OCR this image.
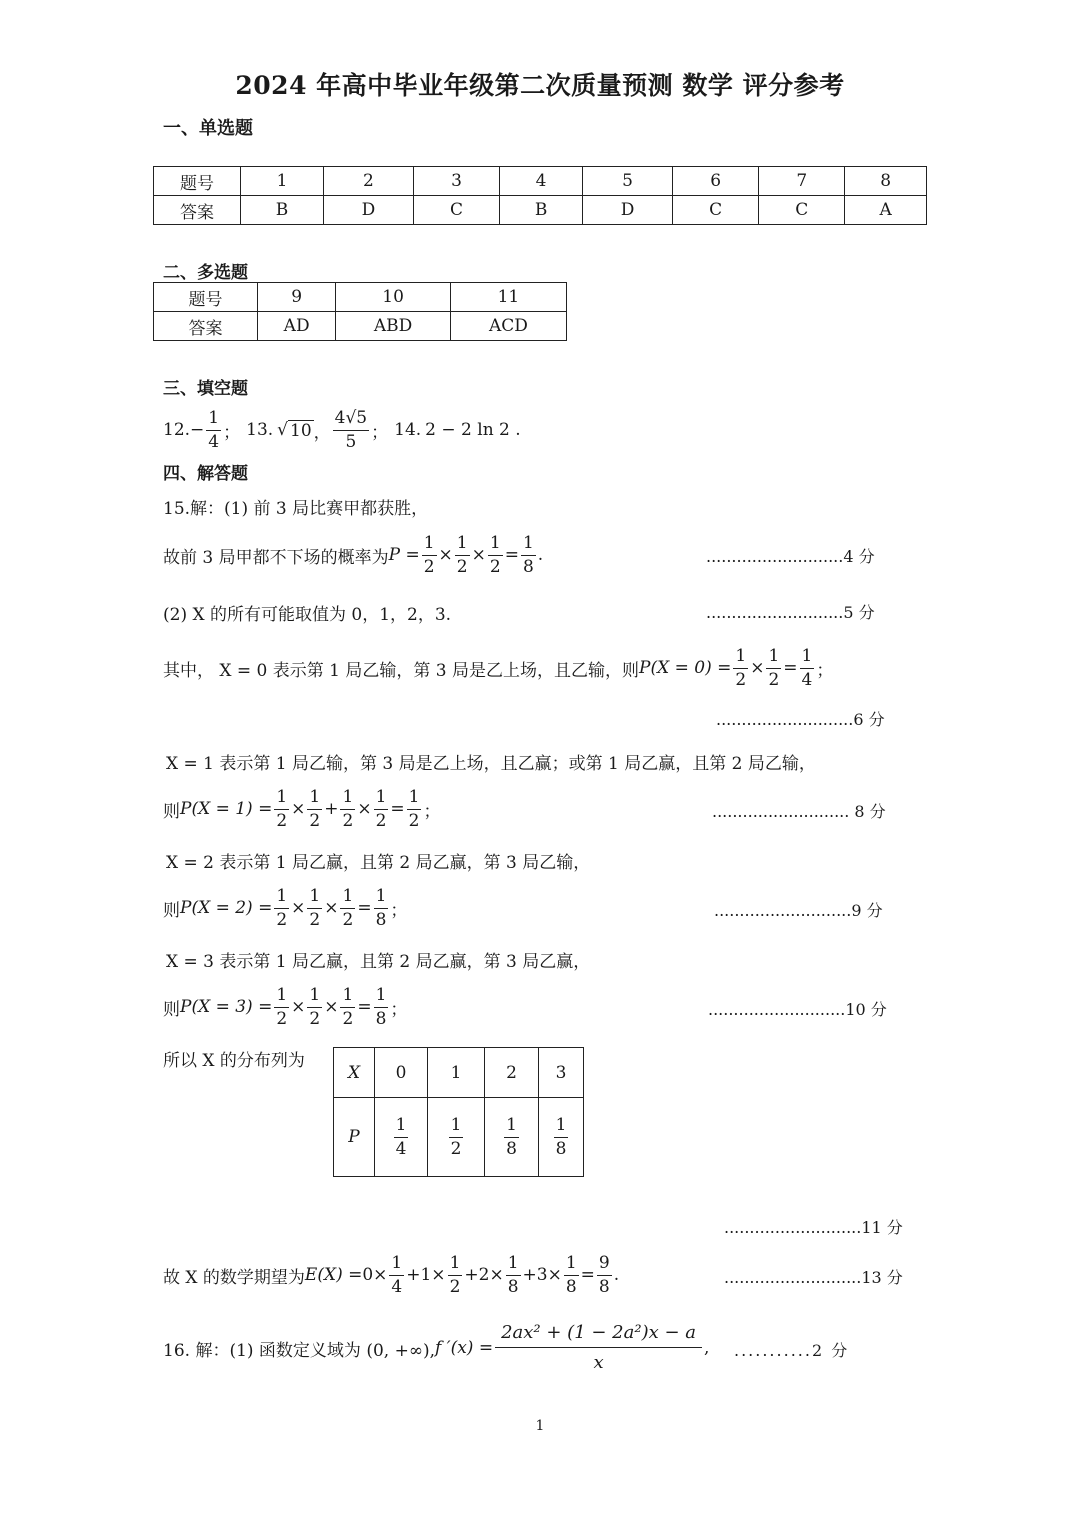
2024 年高中毕业年级第二次质量预测 数学 评分参考
一、单选题
题号	1	2	3	4	5	6	7	8
答案	B	D	C	B	D	C	C	A
二、多选题
题号	9	10	11
答案	AD	ABD	ACD
三、填空题
12. − $\frac{1}{4}$ ； 13. √ 10 ， $\frac{4√5}{5}$ ； 14. 2 − 2 ln 2 .
四、解答题
15.解：(1) 前 3 局比赛甲都获胜，
故前 3 局甲都不下场的概率为 $P = \frac{1}{2} \times \frac{1}{2} \times \frac{1}{2} = \frac{1}{8}$ .	...........................4 分
(2) X 的所有可能取值为 0，1，2，3.	...........................5 分
其中， X = 0 表示第 1 局乙输，第 3 局是乙上场，且乙输，则 $P(X = 0) = \frac{1}{2} \times \frac{1}{2} = \frac{1}{4}$ ；
...........................6 分
X = 1 表示第 1 局乙输，第 3 局是乙上场，且乙赢；或第 1 局乙赢，且第 2 局乙输，
则 $P(X = 1) = \frac{1}{2} \times \frac{1}{2} + \frac{1}{2} \times \frac{1}{2} = \frac{1}{2}$ ；	........................... 8 分
X = 2 表示第 1 局乙赢，且第 2 局乙赢，第 3 局乙输，
则 $P(X = 2) = \frac{1}{2} \times \frac{1}{2} \times \frac{1}{2} = \frac{1}{8}$ ；	...........................9 分
X = 3 表示第 1 局乙赢，且第 2 局乙赢，第 3 局乙赢，
则 $P(X = 3) = \frac{1}{2} \times \frac{1}{2} \times \frac{1}{2} = \frac{1}{8}$ ；	...........................10 分
所以 X 的分布列为
X	0	1	2	3
P	$\frac{1}{4}$	$\frac{1}{2}$	$\frac{1}{8}$	$\frac{1}{8}$
...........................11 分
故 X 的数学期望为 $E(X) = 0\times \frac{1}{4} +1\times \frac{1}{2} +2\times \frac{1}{8} +3\times \frac{1}{8} = \frac{9}{8}$ .	...........................13 分
16. 解：(1) 函数定义域为 (0, +∞), f $'(x) = \frac{\text{2ax² + (1 − 2a²)x − a}}{x}$ , ...........2 分
1
